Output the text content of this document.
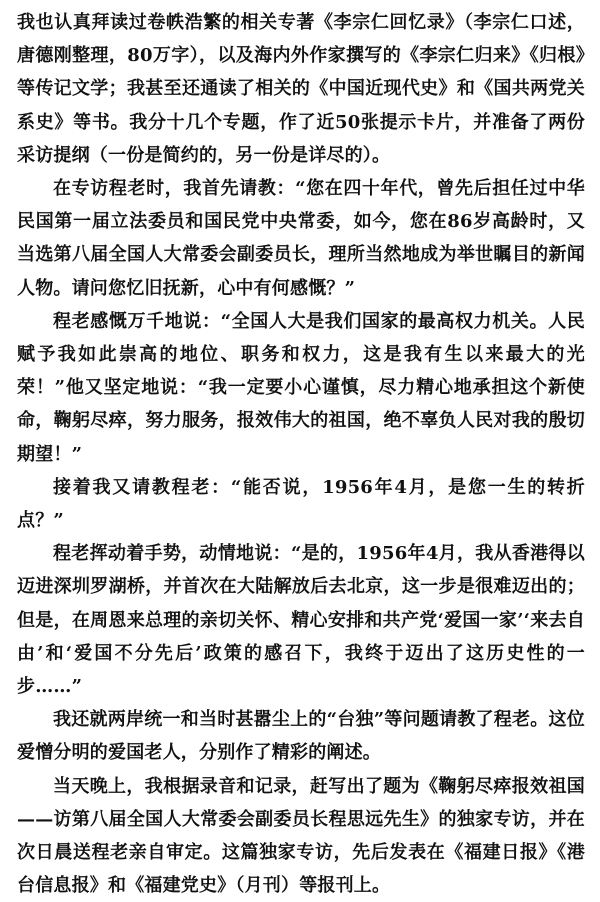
我也认真拜读过卷帙浩繁的相关专著《李宗仁回忆录》（李宗仁口述，唐德刚整理，80万字），以及海内外作家撰写的《李宗仁归来》《归根》等传记文学；我甚至还通读了相关的《中国近现代史》和《国共两党关系史》等书。我分十几个专题，作了近50张提示卡片，并准备了两份采访提纲（一份是简约的，另一份是详尽的）。

在专访程老时，我首先请教：“您在四十年代，曾先后担任过中华民国第一届立法委员和国民党中央常委，如今，您在86岁高龄时，又当选第八届全国人大常委会副委员长，理所当然地成为举世瞩目的新闻人物。请问您忆旧抚新，心中有何感慨？”

程老感慨万千地说：“全国人大是我们国家的最高权力机关。人民赋予我如此崇高的地位、职务和权力，这是我有生以来最大的光荣！”他又坚定地说：“我一定要小心谨慎，尽力精心地承担这个新使命，鞠躬尽瘁，努力服务，报效伟大的祖国，绝不辜负人民对我的殷切期望！”

接着我又请教程老：“能否说，1956年4月，是您一生的转折点？”

程老挥动着手势，动情地说：“是的，1956年4月，我从香港得以迈进深圳罗湖桥，并首次在大陆解放后去北京，这一步是很难迈出的；但是，在周恩来总理的亲切关怀、精心安排和共产党‘爱国一家’‘来去自由’和‘爱国不分先后’政策的感召下，我终于迈出了这历史性的一步……”

我还就两岸统一和当时甚嚣尘上的“台独”等问题请教了程老。这位爱憎分明的爱国老人，分别作了精彩的阐述。

当天晚上，我根据录音和记录，赶写出了题为《鞠躬尽瘁报效祖国——访第八届全国人大常委会副委员长程思远先生》的独家专访，并在次日晨送程老亲自审定。这篇独家专访，先后发表在《福建日报》《港台信息报》和《福建党史》（月刊）等报刊上。
